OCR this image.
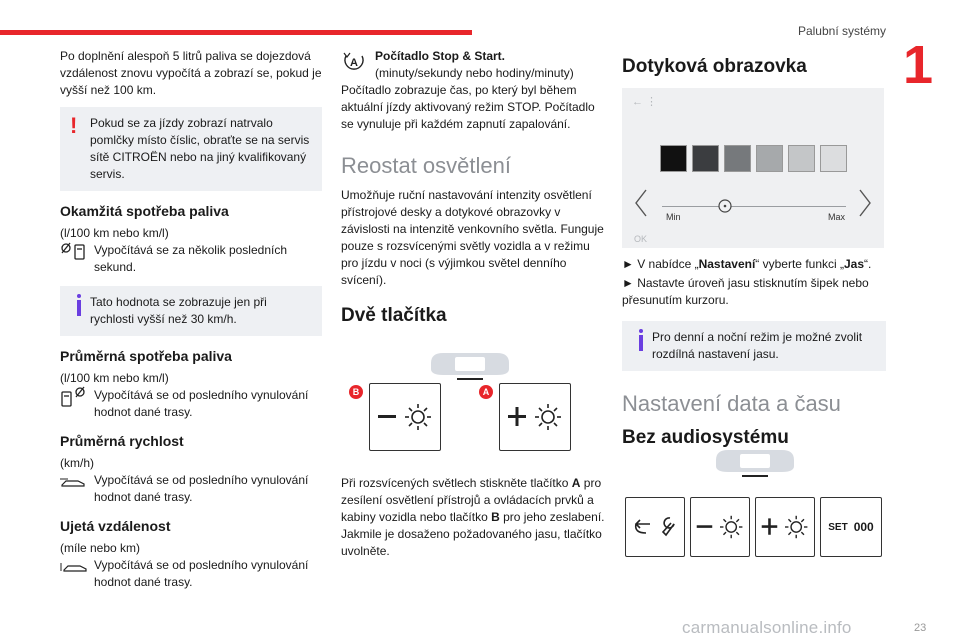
Palubní systémy
1

Po doplnění alespoň 5 litrů paliva se dojezdová vzdálenost znovu vypočítá a zobrazí se, pokud je vyšší než 100 km.

!	Pokud se za jízdy zobrazí natrvalo
pomlčky místo číslic, obraťte se na servis sítě CITROËN nebo na jiný kvalifikovaný servis.
Okamžitá spotřeba paliva

(l/100 km nebo km/l)

Vypočítává se za několik posledních sekund.
Tato hodnota se zobrazuje jen při rychlosti vyšší než 30 km/h.
Průměrná spotřeba paliva

(l/100 km nebo km/l)

Vypočítává se od posledního vynulování hodnot dané trasy.
Průměrná rychlost

(km/h)

Vypočítává se od posledního vynulování hodnot dané trasy.
Ujetá vzdálenost

(míle nebo km)

Vypočítává se od posledního vynulování hodnot dané trasy.
A Počítadlo Stop & Start.
(minuty/sekundy nebo hodiny/minuty)

Počítadlo zobrazuje čas, po který byl během aktuální jízdy aktivovaný režim STOP. Počítadlo se vynuluje při každém zapnutí zapalování.

Reostat osvětlení

Umožňuje ruční nastavování intenzity osvětlení přístrojové desky a dotykové obrazovky v závislosti na intenzitě venkovního světla. Funguje pouze s rozsvícenými světly vozidla a v režimu pro jízdu v noci (s výjimkou světel denního svícení).

Dvě tlačítka
B	A

Při rozsvícených světlech stiskněte tlačítko A pro zesílení osvětlení přístrojů a ovládacích prvků a kabiny vozidla nebo tlačítko B pro jeho zeslabení.
Jakmile je dosaženo požadovaného jasu, tlačítko uvolněte.

Dotyková obrazovka
← ⋮
Min	Max
OK

► V nabídce „Nastavení“ vyberte funkci „Jas“.

► Nastavte úroveň jasu stisknutím šipek nebo přesunutím kurzoru.

Pro denní a noční režim je možné zvolit rozdílná nastavení jasu.
Nastavení data a času
Bez audiosystému
SET 000
carmanualsonline.info	23
